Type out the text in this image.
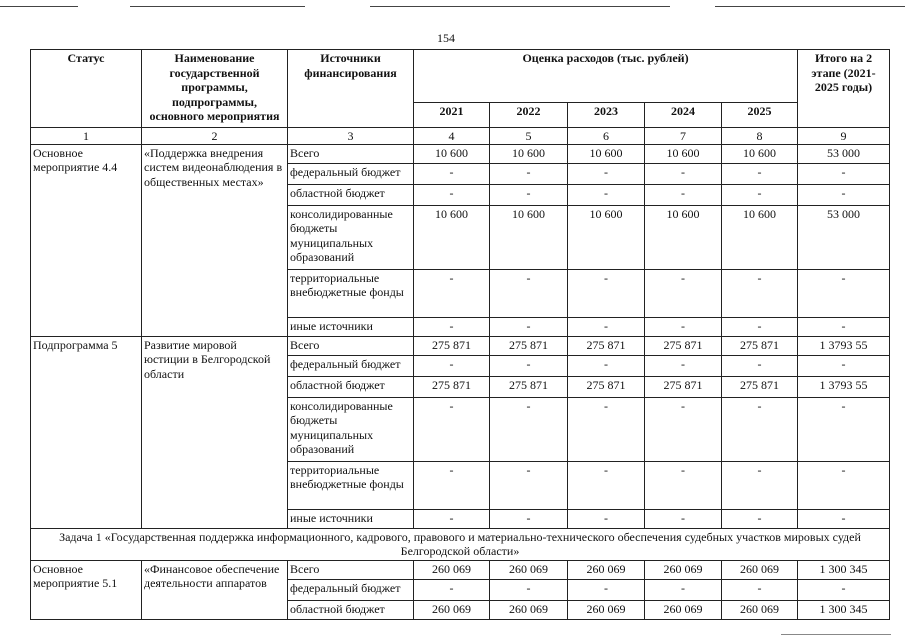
154
Статус	Наименование государственной программы, подпрограммы, основного мероприятия	Источники финансирования	Оценка расходов (тыс. рублей)					Итого на 2 этапе (2021-2025 годы)
			2021	2022	2023	2024	2025	
1	2	3	4	5	6	7	8	9
Основное мероприятие 4.4	«Поддержка внедрения систем видеонаблюдения в общественных местах»	Всего	10 600	10 600	10 600	10 600	10 600	53 000
		федеральный бюджет	-	-	-	-	-	-
		областной бюджет	-	-	-	-	-	-
		консолидированные бюджеты муниципальных образований	10 600	10 600	10 600	10 600	10 600	53 000
		территориальные внебюджетные фонды	-	-	-	-	-	-
		иные источники	-	-	-	-	-	-
Подпрограмма 5	Развитие мировой юстиции в Белгородской области	Всего	275 871	275 871	275 871	275 871	275 871	1 3793 55
		федеральный бюджет	-	-	-	-	-	-
		областной бюджет	275 871	275 871	275 871	275 871	275 871	1 3793 55
		консолидированные бюджеты муниципальных образований	-	-	-	-	-	-
		территориальные внебюджетные фонды	-	-	-	-	-	-
		иные источники	-	-	-	-	-	-
Задача 1 «Государственная поддержка информационного, кадрового, правового и материально-технического обеспечения судебных участков мировых судей Белгородской области»								
Основное мероприятие 5.1	«Финансовое обеспечение деятельности аппаратов	Всего	260 069	260 069	260 069	260 069	260 069	1 300 345
		федеральный бюджет	-	-	-	-	-	-
		областной бюджет	260 069	260 069	260 069	260 069	260 069	1 300 345
